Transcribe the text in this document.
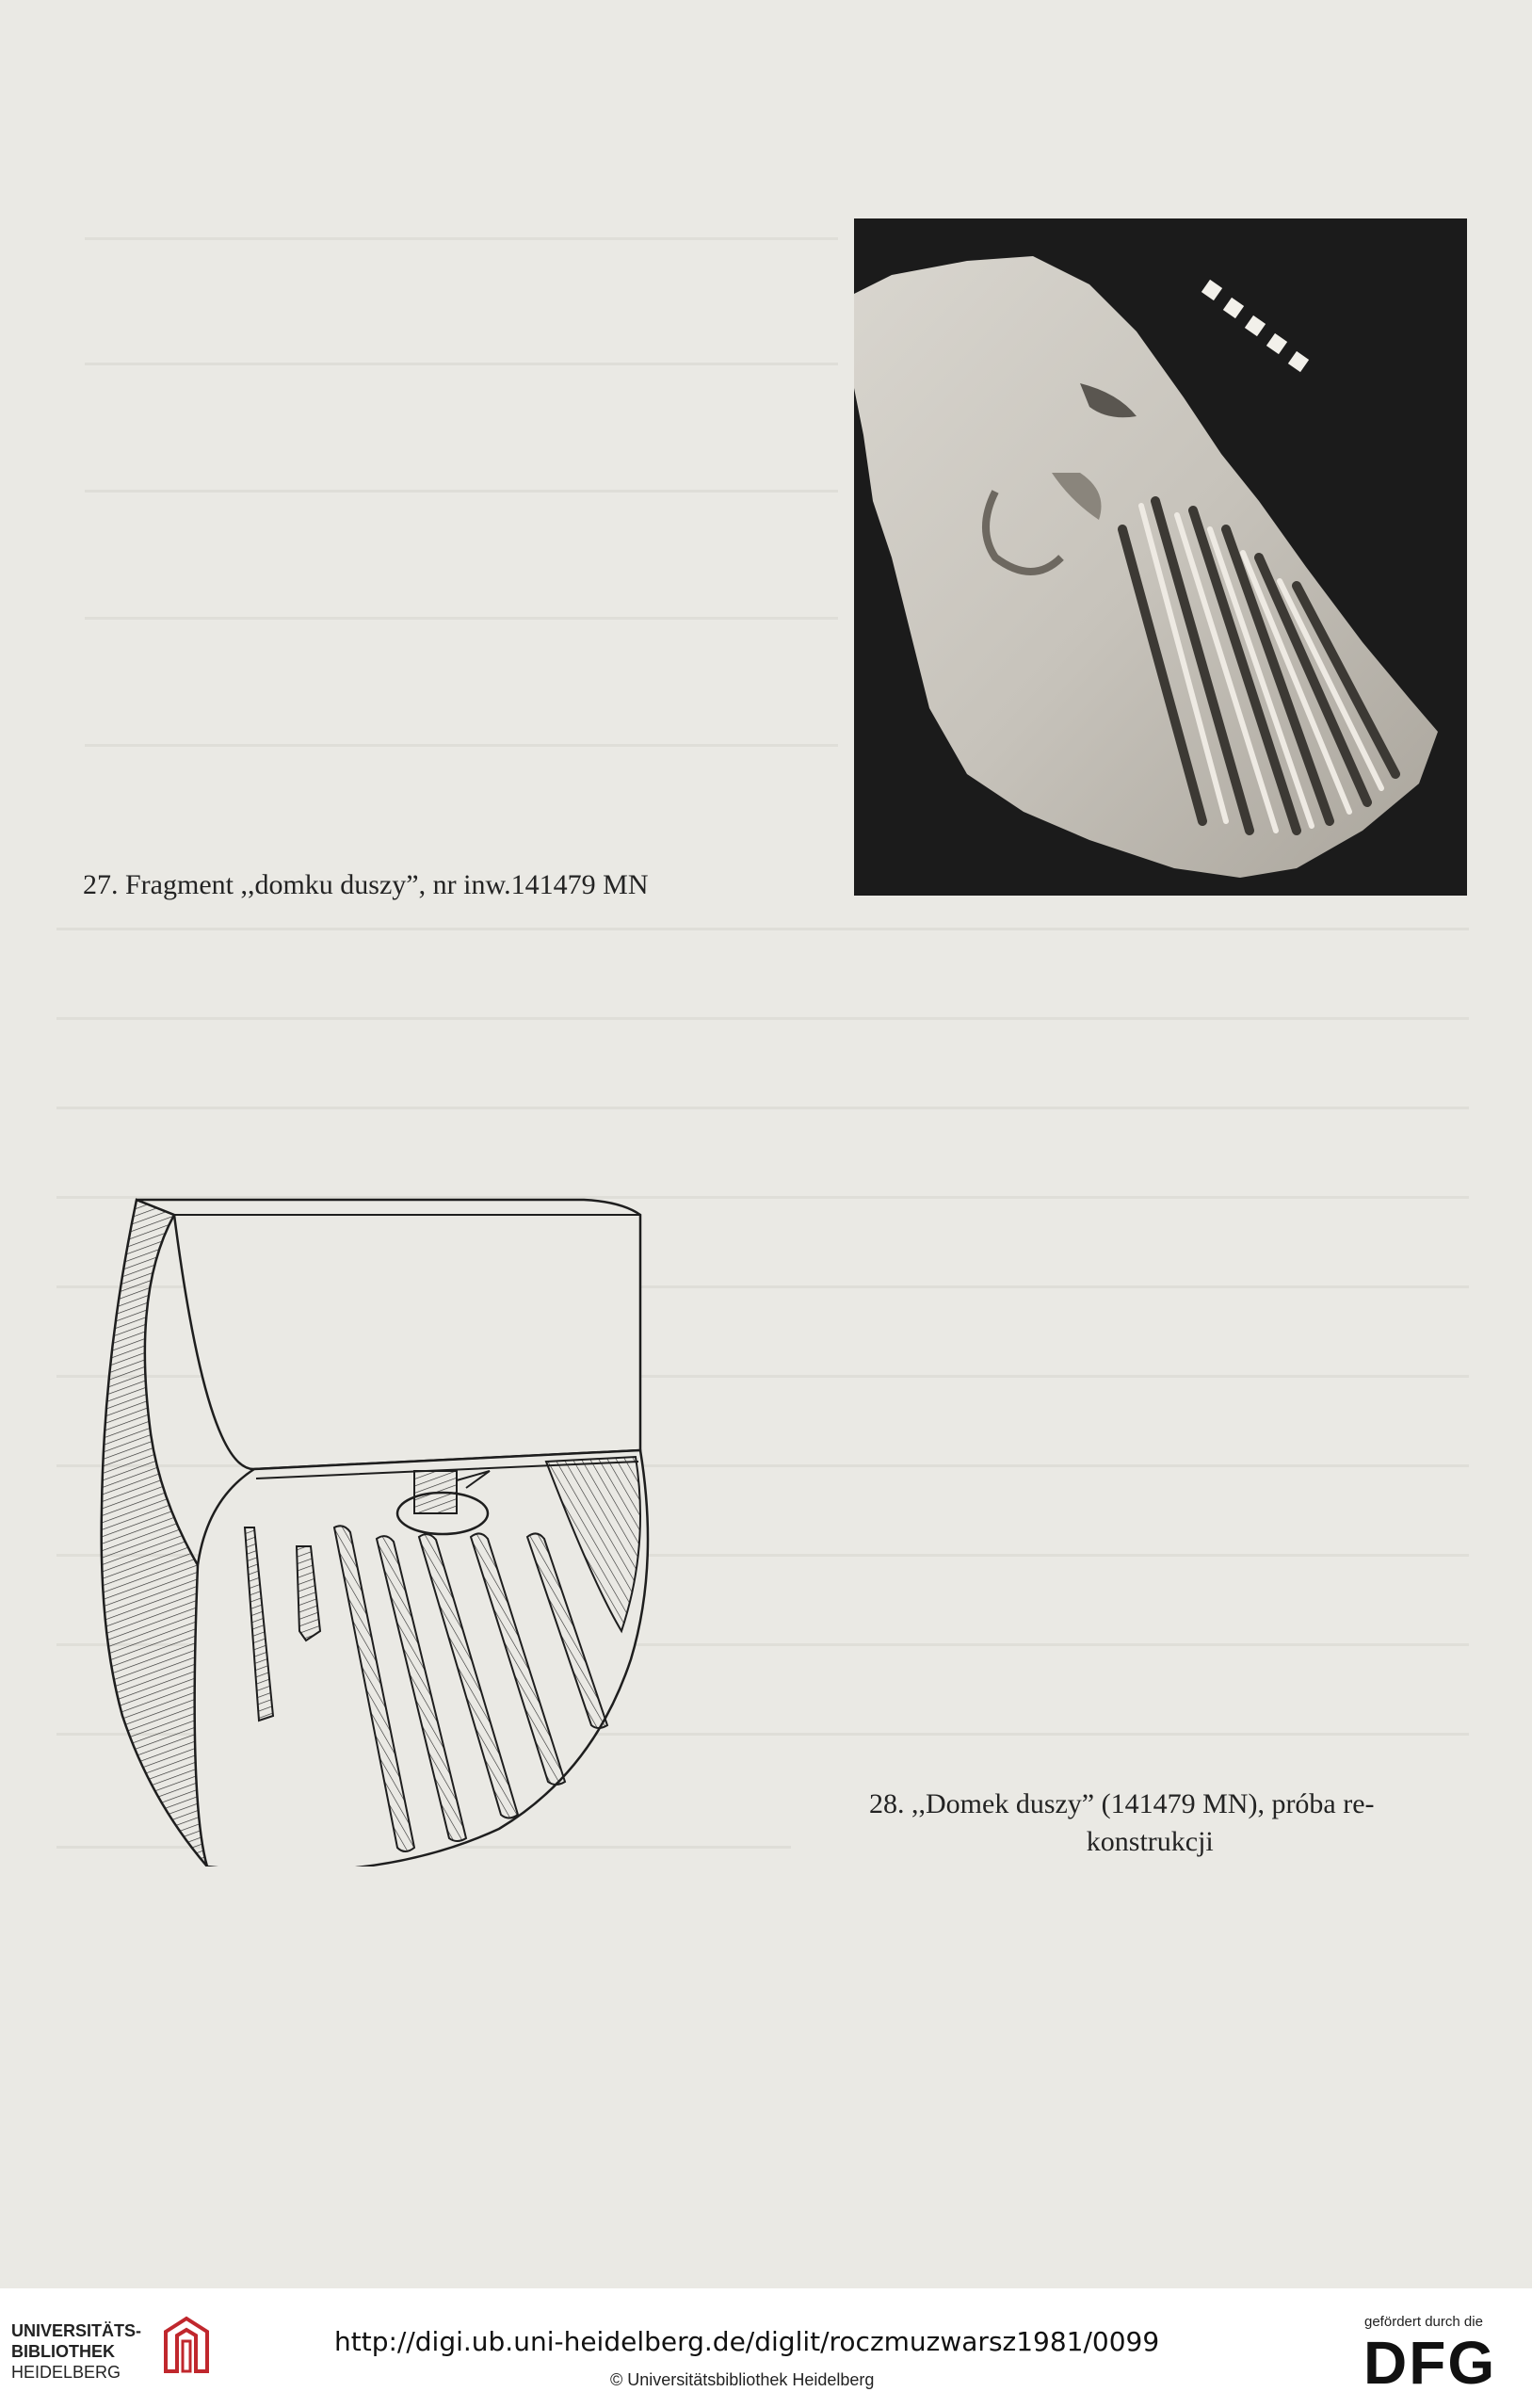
27. Fragment ,,domku duszy”, nr inw.141479 MN
28. ,,Domek duszy” (141479 MN), próba re-
konstrukcji
UNIVERSITÄTS-
BIBLIOTHEK
HEIDELBERG
http://digi.ub.uni-heidelberg.de/diglit/roczmuzwarsz1981/0099
© Universitätsbibliothek Heidelberg
gefördert durch die
DFG
